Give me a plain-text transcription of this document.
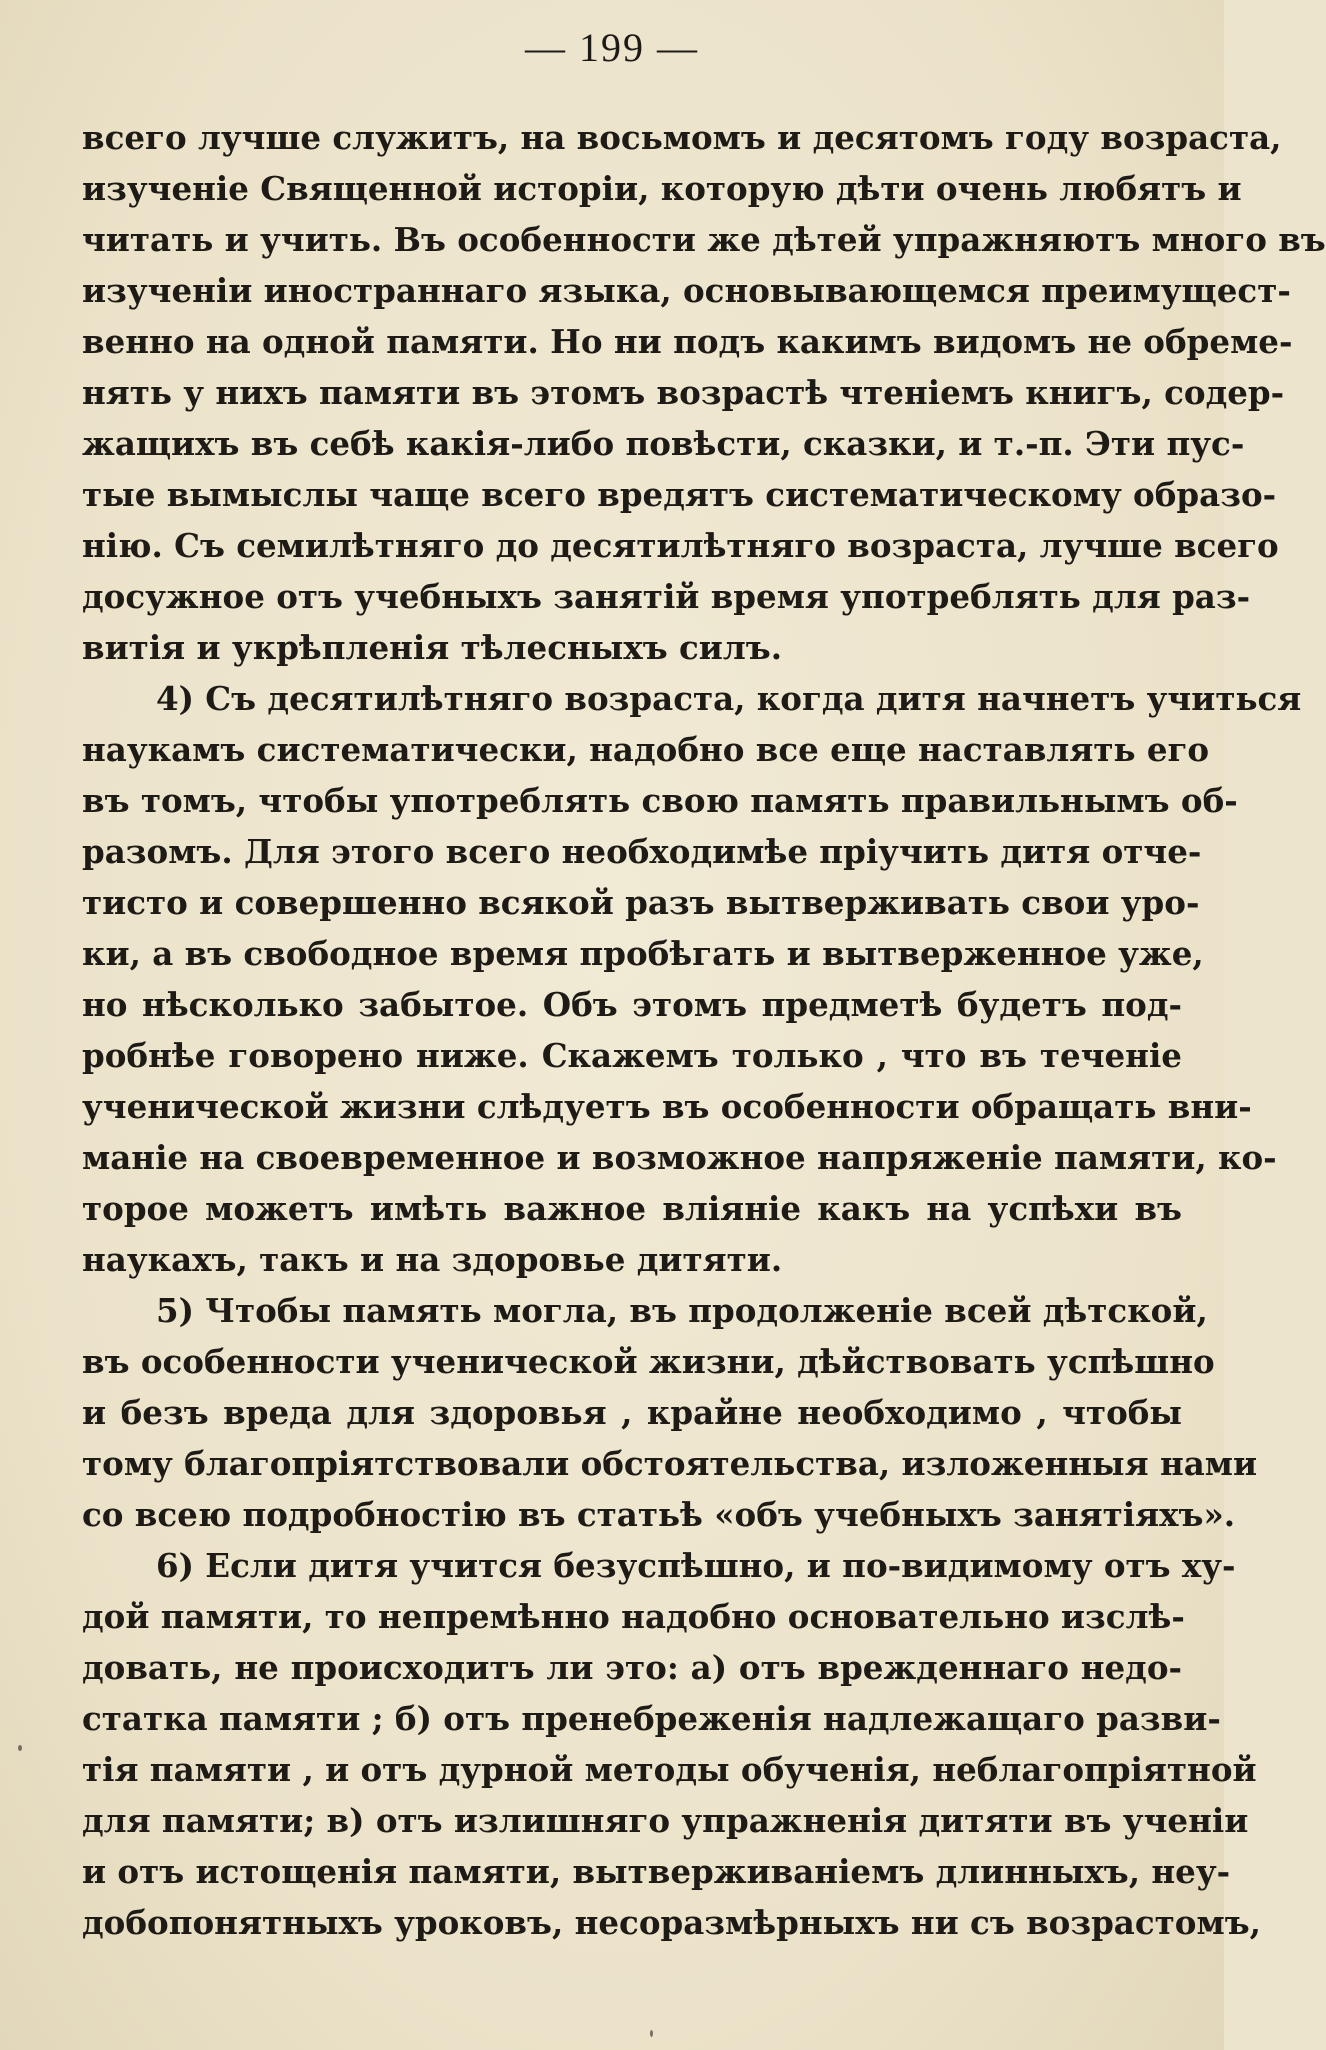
— 199 —
всего лучше служитъ, на восьмомъ и десятомъ году возраста,
изученіе Священной исторіи, которую дѣти очень любятъ и
читать и учить. Въ особенности же дѣтей упражняютъ много въ
изученіи иностраннаго языка, основывающемся преимущест-
венно на одной памяти. Но ни подъ какимъ видомъ не обреме-
нять у нихъ памяти въ этомъ возрастѣ чтеніемъ книгъ, содер-
жащихъ въ себѣ какія-либо повѣсти, сказки, и т.-п. Эти пус-
тые вымыслы чаще всего вредятъ систематическому образо-
нію. Съ семилѣтняго до десятилѣтняго возраста, лучше всего
досужное отъ учебныхъ занятій время употреблять для раз-
витія и укрѣпленія тѣлесныхъ силъ.
4) Съ десятилѣтняго возраста, когда дитя начнетъ учиться
наукамъ систематически, надобно все еще наставлять его
въ томъ, чтобы употреблять свою память правильнымъ об-
разомъ. Для этого всего необходимѣе пріучить дитя отче-
тисто и совершенно всякой разъ вытверживать свои уро-
ки, а въ свободное время пробѣгать и вытверженное уже,
но нѣсколько забытое. Объ этомъ предметѣ будетъ под-
робнѣе говорено ниже. Скажемъ только , что въ теченіе
ученической жизни слѣдуетъ въ особенности обращать вни-
маніе на своевременное и возможное напряженіе памяти, ко-
торое можетъ имѣть важное вліяніе какъ на успѣхи въ
наукахъ, такъ и на здоровье дитяти.
5) Чтобы память могла, въ продолженіе всей дѣтской,
въ особенности ученической жизни, дѣйствовать успѣшно
и безъ вреда для здоровья , крайне необходимо , чтобы
тому благопріятствовали обстоятельства, изложенныя нами
со всею подробностію въ статьѣ «объ учебныхъ занятіяхъ».
6) Если дитя учится безуспѣшно, и по-видимому отъ ху-
дой памяти, то непремѣнно надобно основательно изслѣ-
довать, не происходитъ ли это: а) отъ врежденнаго недо-
статка памяти ; б) отъ пренебреженія надлежащаго разви-
тія памяти , и отъ дурной методы обученія, неблагопріятной
для памяти; в) отъ излишняго упражненія дитяти въ ученіи
и отъ истощенія памяти, вытверживаніемъ длинныхъ, неу-
добопонятныхъ уроковъ, несоразмѣрныхъ ни съ возрастомъ,
